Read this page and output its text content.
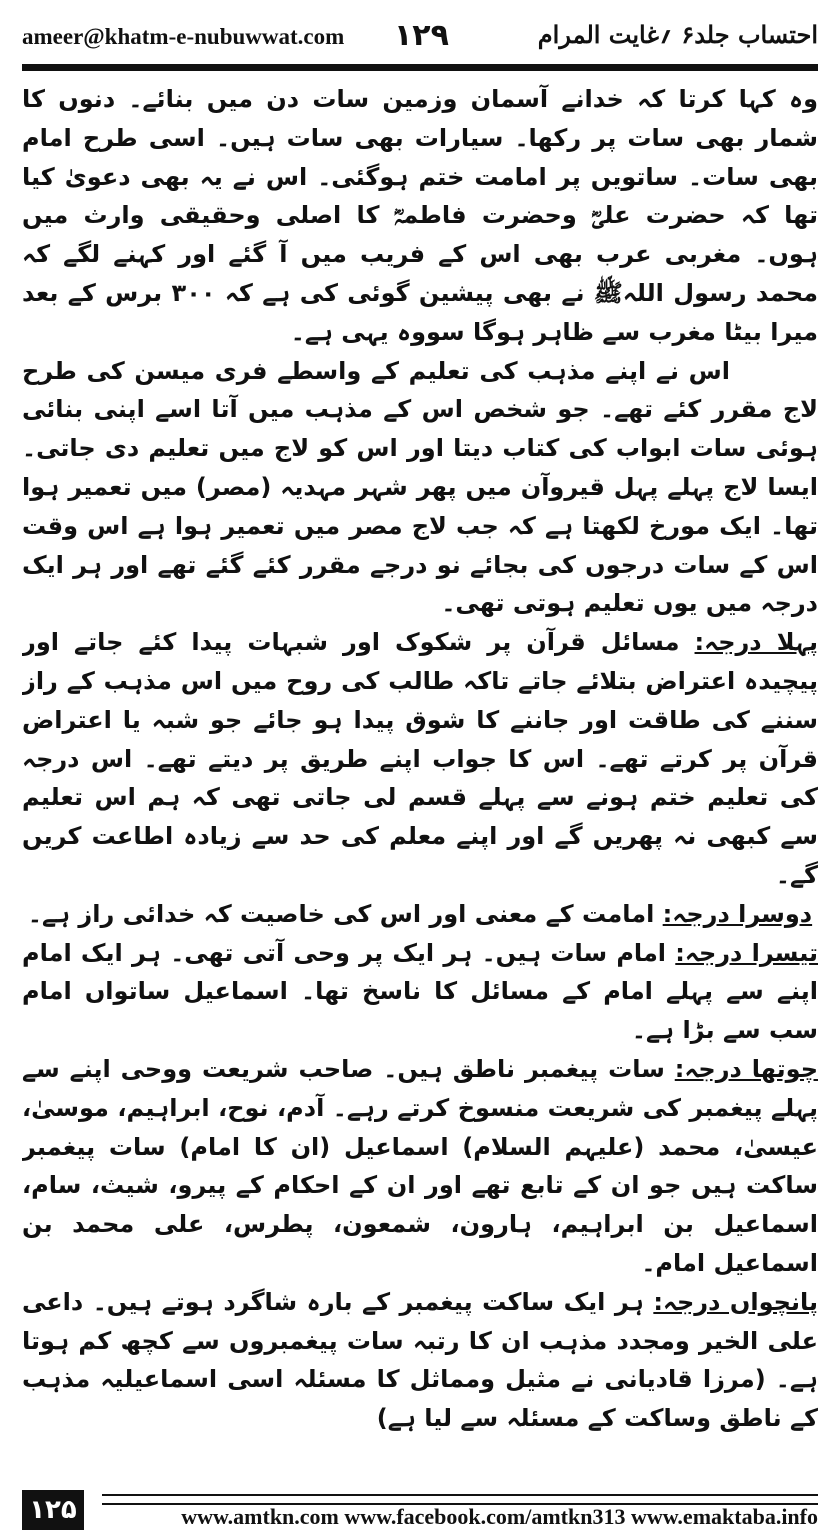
ameer@khatm-e-nubuwwat.com ۱۲۹	احتساب جلد۶ ؍غایت المرام

وہ کہا کرتا کہ خدانے آسمان وزمین سات دن میں بنائے۔ دنوں کا شمار بھی سات پر رکھا۔ سیارات بھی سات ہیں۔ اسی طرح امام بھی سات۔ ساتویں پر امامت ختم ہوگئی۔ اس نے یہ بھی دعویٰ کیا تھا کہ حضرت علیؓ وحضرت فاطمہؓ کا اصلی وحقیقی وارث میں ہوں۔ مغربی عرب بھی اس کے فریب میں آ گئے اور کہنے لگے کہ محمد رسول اللہﷺ نے بھی پیشین گوئی کی ہے کہ ۳۰۰ برس کے بعد میرا بیٹا مغرب سے ظاہر ہوگا سووہ یہی ہے۔

اس نے اپنے مذہب کی تعلیم کے واسطے فری میسن کی طرح لاج مقرر کئے تھے۔ جو شخص اس کے مذہب میں آتا اسے اپنی بنائی ہوئی سات ابواب کی کتاب دیتا اور اس کو لاج میں تعلیم دی جاتی۔ ایسا لاج پہلے پہل قیروآن میں پھر شہر مہدیہ (مصر) میں تعمیر ہوا تھا۔ ایک مورخ لکھتا ہے کہ جب لاج مصر میں تعمیر ہوا ہے اس وقت اس کے سات درجوں کی بجائے نو درجے مقرر کئے گئے تھے اور ہر ایک درجہ میں یوں تعلیم ہوتی تھی۔

پہلا درجہ: مسائل قرآن پر شکوک اور شبہات پیدا کئے جاتے اور پیچیدہ اعتراض بتلائے جاتے تاکہ طالب کی روح میں اس مذہب کے راز سننے کی طاقت اور جاننے کا شوق پیدا ہو جائے جو شبہ یا اعتراض قرآن پر کرتے تھے۔ اس کا جواب اپنے طریق پر دیتے تھے۔ اس درجہ کی تعلیم ختم ہونے سے پہلے قسم لی جاتی تھی کہ ہم اس تعلیم سے کبھی نہ پھریں گے اور اپنے معلم کی حد سے زیادہ اطاعت کریں گے۔

دوسرا درجہ: امامت کے معنی اور اس کی خاصیت کہ خدائی راز ہے۔

تیسرا درجہ: امام سات ہیں۔ ہر ایک پر وحی آتی تھی۔ ہر ایک امام اپنے سے پہلے امام کے مسائل کا ناسخ تھا۔ اسماعیل ساتواں امام سب سے بڑا ہے۔

چوتھا درجہ: سات پیغمبر ناطق ہیں۔ صاحب شریعت ووحی اپنے سے پہلے پیغمبر کی شریعت منسوخ کرتے رہے۔ آدم، نوح، ابراہیم، موسیٰ، عیسیٰ، محمد (علیہم السلام) اسماعیل (ان کا امام) سات پیغمبر ساکت ہیں جو ان کے تابع تھے اور ان کے احکام کے پیرو، شیث، سام، اسماعیل بن ابراہیم، ہارون، شمعون، پطرس، علی محمد بن اسماعیل امام۔

پانچواں درجہ: ہر ایک ساکت پیغمبر کے بارہ شاگرد ہوتے ہیں۔ داعی علی الخیر ومجدد مذہب ان کا رتبہ سات پیغمبروں سے کچھ کم ہوتا ہے۔ (مرزا قادیانی نے مثیل ومماثل کا مسئلہ اسی اسماعیلیہ مذہب کے ناطق وساکت کے مسئلہ سے لیا ہے)

۱۲۵	www.amtkn.com www.facebook.com/amtkn313 www.emaktaba.info
